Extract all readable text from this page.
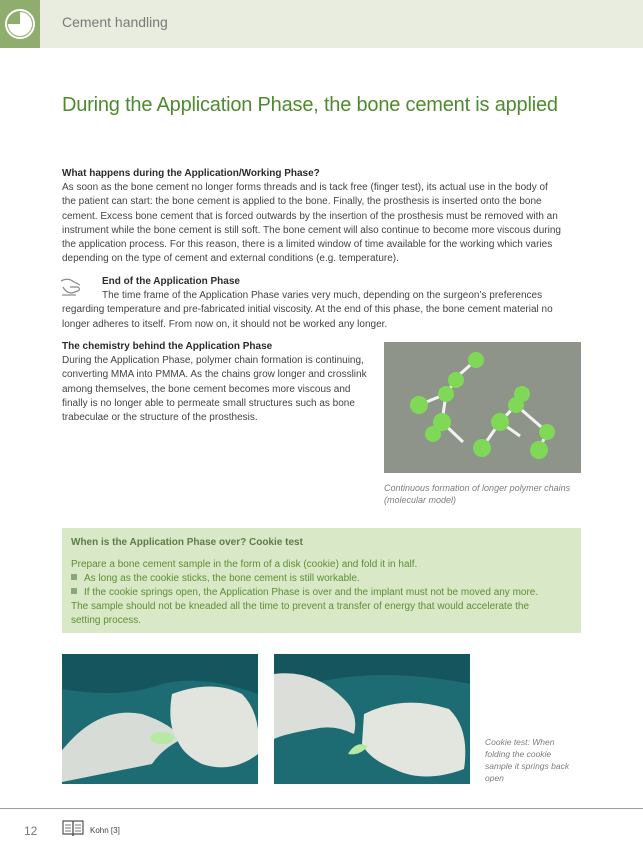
Cement handling
During the Application Phase, the bone cement is applied
What happens during the Application/Working Phase?
As soon as the bone cement no longer forms threads and is tack free (finger test), its actual use in the body of
the patient can start: the bone cement is applied to the bone. Finally, the prosthesis is inserted onto the bone
cement. Excess bone cement that is forced outwards by the insertion of the prosthesis must be removed with an
instrument while the bone cement is still soft. The bone cement will also continue to become more viscous during
the application process. For this reason, there is a limited window of time available for the working which varies
depending on the type of cement and external conditions (e.g. temperature).
End of the Application Phase
The time frame of the Application Phase varies very much, depending on the surgeon’s preferences
regarding temperature and pre-fabricated initial viscosity. At the end of this phase, the bone cement material no
longer adheres to itself. From now on, it should not be worked any longer.
The chemistry behind the Application Phase
During the Application Phase, polymer chain formation is continuing,
converting MMA into PMMA. As the chains grow longer and crosslink
among themselves, the bone cement becomes more viscous and
finally is no longer able to permeate small structures such as bone
trabeculae or the structure of the prosthesis.
Continuous formation of longer polymer chains
(molecular model)
When is the Application Phase over? Cookie test
Prepare a bone cement sample in the form of a disk (cookie) and fold it in half.
As long as the cookie sticks, the bone cement is still workable.
If the cookie springs open, the Application Phase is over and the implant must not be moved any more.
The sample should not be kneaded all the time to prevent a transfer of energy that would accelerate the
setting process.
Cookie test: When
folding the cookie
sample it springs back
open
12	Kohn [3]
